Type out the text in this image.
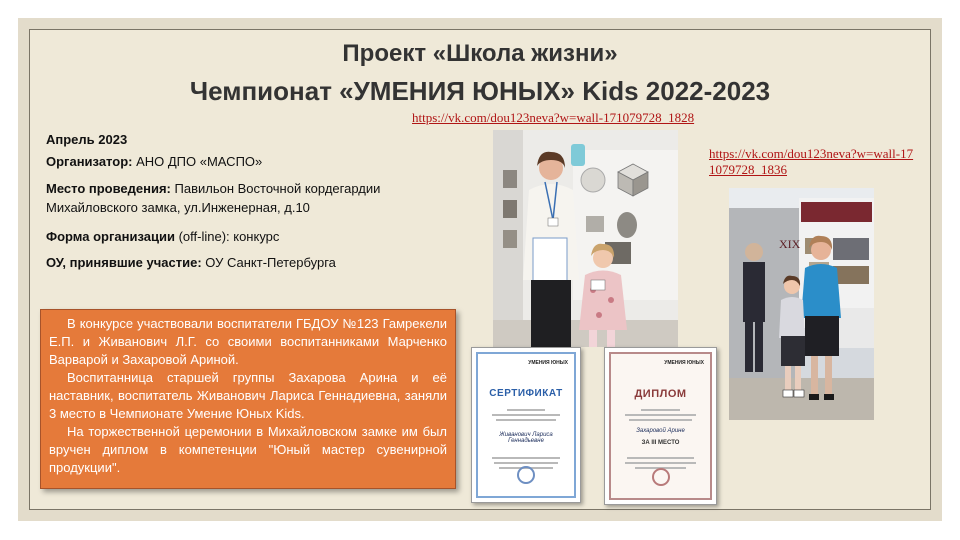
Проект «Школа жизни»
Чемпионат «УМЕНИЯ ЮНЫХ» Kids 2022-2023
https://vk.com/dou123neva?w=wall-171079728_1828
https://vk.com/dou123neva?w=wall-171079728_1836
Апрель 2023
Организатор: АНО ДПО «МАСПО»
Место проведения: Павильон Восточной кордегардии Михайловского замка, ул.Инженерная, д.10
Форма организации (off-line): конкурс
ОУ, принявшие участие: ОУ Санкт-Петербурга

В конкурсе участвовали воспитатели ГБДОУ №123 Гамрекели Е.П. и Живанович Л.Г. со своими воспитанниками Марченко Варварой и Захаровой Ариной.

Воспитанница старшей группы Захарова Арина и её наставник, воспитатель Живанович Лариса Геннадиевна, заняли 3 место в Чемпионате Умение Юных Kids.

На торжественной церемонии в Михайловском замке им был вручен диплом в компетенции "Юный мастер сувенирной продукции".

XIX
УМЕНИЯ ЮНЫХ
СЕРТИФИКАТ
Живанович Лариса Геннадьевне
УМЕНИЯ ЮНЫХ
ДИПЛОМ
Захаровой Арине
ЗА III МЕСТО
